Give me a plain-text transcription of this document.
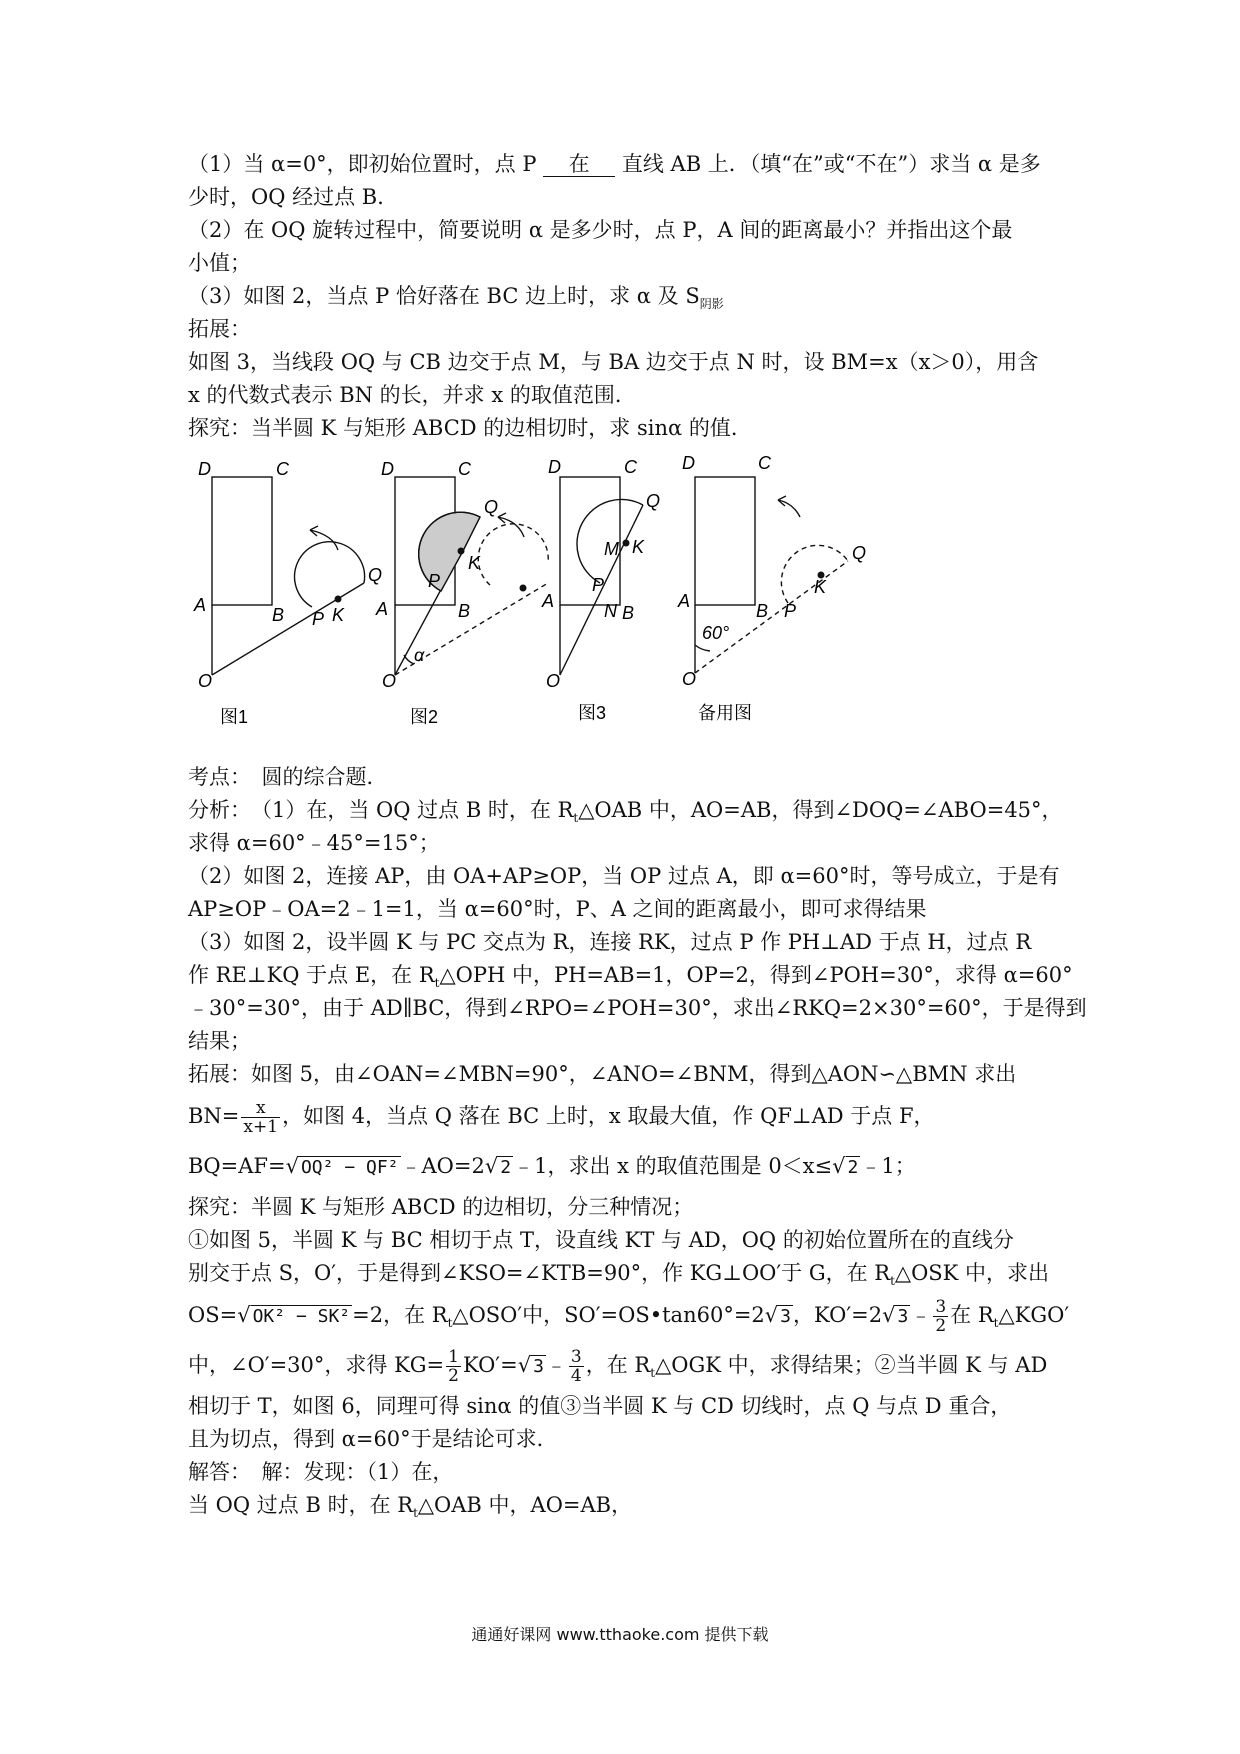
（1）当 α=0°，即初始位置时，点 P 在 直线 AB 上．（填“在”或“不在”）求当 α 是多
少时，OQ 经过点 B．
（2）在 OQ 旋转过程中，简要说明 α 是多少时，点 P，A 间的距离最小？并指出这个最
小值；
（3）如图 2，当点 P 恰好落在 BC 边上时，求 α 及 $S_{阴影}$
拓展：
如图 3，当线段 OQ 与 CB 边交于点 M，与 BA 边交于点 N 时，设 BM=x（x＞0），用含
x 的代数式表示 BN 的长，并求 x 的取值范围．
探究：当半圆 K 与矩形 ABCD 的边相切时，求 sinα 的值．
D	C
A	B
O
K
Q
P
D	C
A	B
O
K
Q
P
α
D	C
A
B
O
K
Q
P
M
N
D	C
A	B
O
K
Q
P
60°
图1	图2	图3	备用图
考点：　圆的综合题．
分析：　（1）在，当 OQ 过点 B 时，在 $R_t\triangle OAB$ 中，AO=AB，得到∠DOQ=∠ABO=45°，
求得 α=60°﹣45°=15°；
（2）如图 2，连接 AP，由 OA+AP≥OP，当 OP 过点 A，即 α=60°时，等号成立，于是有
AP≥OP﹣OA=2﹣1=1，当 α=60°时，P、A 之间的距离最小，即可求得结果
（3）如图 2，设半圆 K 与 PC 交点为 R，连接 RK，过点 P 作 PH⊥AD 于点 H，过点 R
作 RE⊥KQ 于点 E，在 $R_t\triangle OPH$ 中，PH=AB=1，OP=2，得到∠POH=30°，求得 α=60°
﹣30°=30°，由于 AD∥BC，得到∠RPO=∠POH=30°，求出∠RKQ=2×30°=60°，于是得到
结果；
拓展：如图 5，由∠OAN=∠MBN=90°，∠ANO=∠BNM，得到△AON∽△BMN 求出
$BN= \frac{x}{x+1}$ ，如图 4，当点 Q 落在 BC 上时，x 取最大值，作 QF⊥AD 于点 F，
BQ=AF=√ OQ² − QF²﹣AO=2√ 2﹣1，求出 x 的取值范围是 0＜x≤√ 2﹣1；
探究：半圆 K 与矩形 ABCD 的边相切，分三种情况；
①如图 5，半圆 K 与 BC 相切于点 T，设直线 KT 与 AD，OQ 的初始位置所在的直线分
别交于点 S，O′，于是得到∠KSO=∠KTB=90°，作 KG⊥OO′于 G，在 $R_t\triangle OSK$ 中，求出
OS=√ OK² − SK²=2，在 $R_t\triangle OSO'$中，SO′=OS•tan60°=2√ 3，KO′=2√ 3﹣ $\frac{3}{2}$ 在 $R_t\triangle KGO'$
中，∠O′=30°，求得 $KG= \frac{1}{2} KO'=√$ 3﹣ $\frac{3}{4}$ ，在 $R_t\triangle OGK$ 中，求得结果；②当半圆 K 与 AD
相切于 T，如图 6，同理可得 sinα 的值③当半圆 K 与 CD 切线时，点 Q 与点 D 重合，
且为切点，得到 α=60°于是结论可求．
解答：　解：发现：（1）在，
当 OQ 过点 B 时，在 $R_t\triangle OAB$ 中，AO=AB，
通通好课网 www.tthaoke.com 提供下载
